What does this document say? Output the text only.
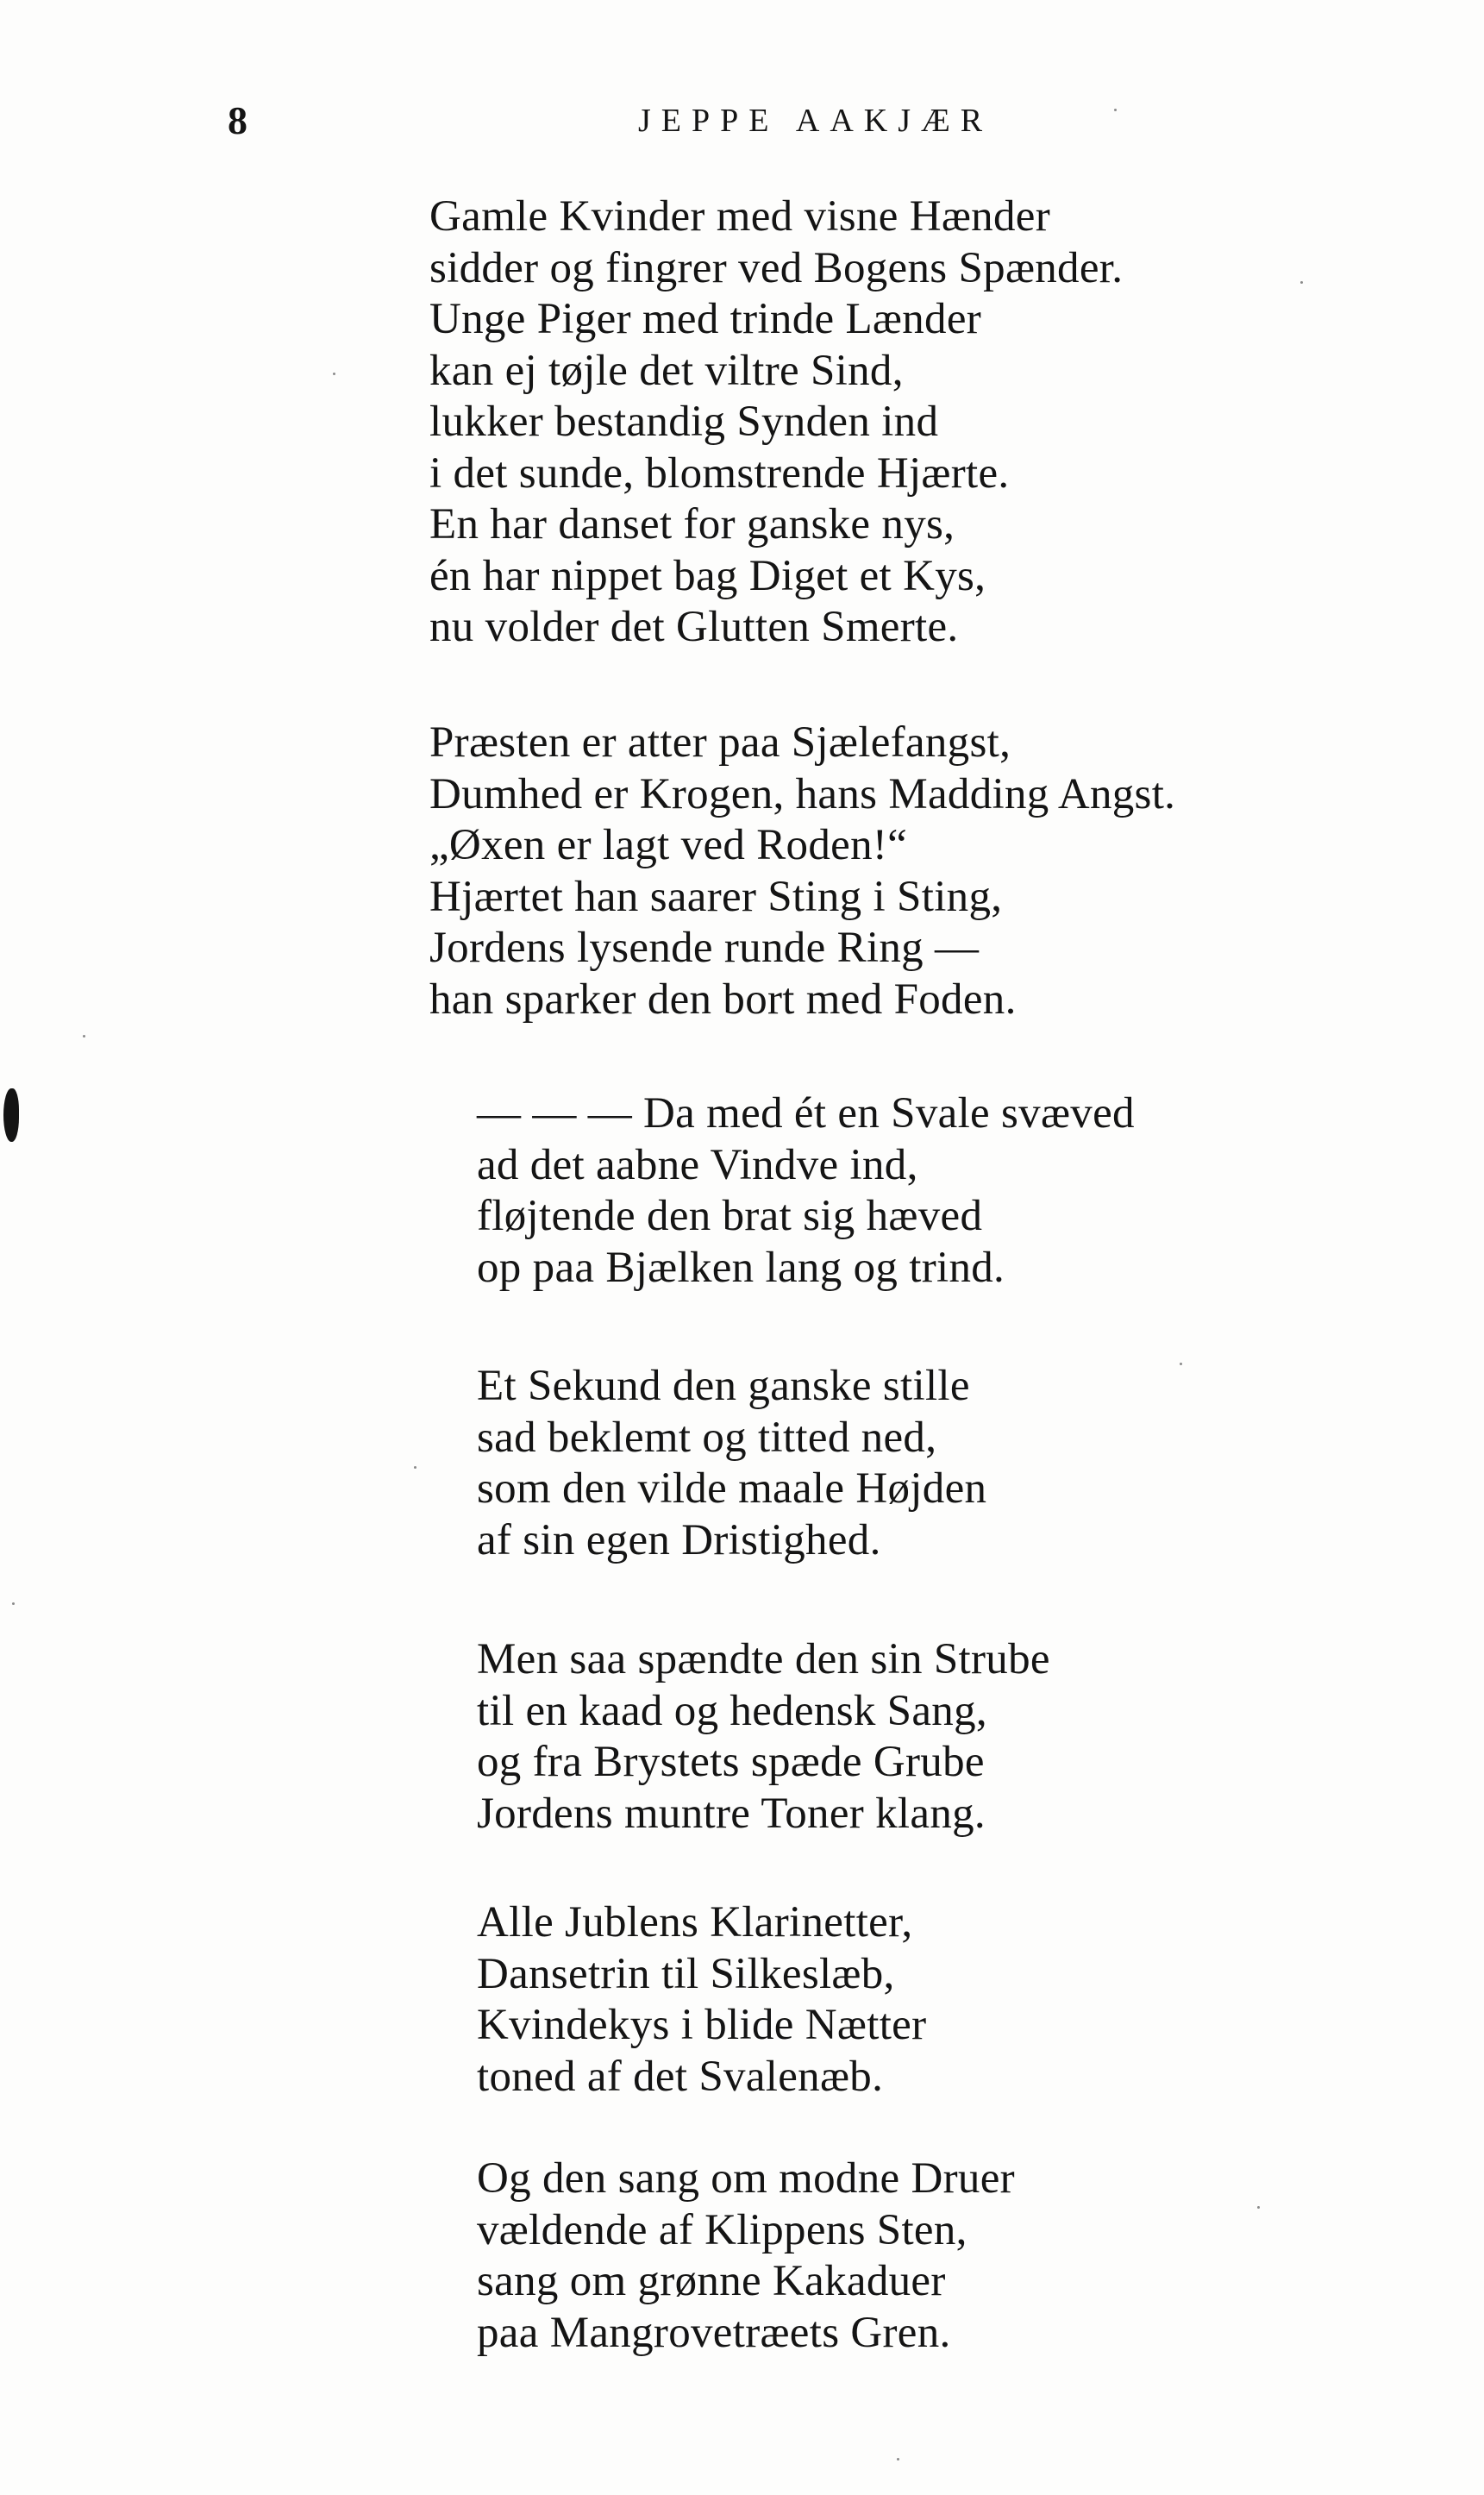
8	JEPPE AAKJÆR
Gamle Kvinder med visne Hænder
sidder og fingrer ved Bogens Spænder.
Unge Piger med trinde Lænder
kan ej tøjle det viltre Sind,
lukker bestandig Synden ind
i det sunde, blomstrende Hjærte.
En har danset for ganske nys,
én har nippet bag Diget et Kys,
nu volder det Glutten Smerte.
Præsten er atter paa Sjælefangst,
Dumhed er Krogen, hans Madding Angst.
„Øxen er lagt ved Roden!“
Hjærtet han saarer Sting i Sting,
Jordens lysende runde Ring —
han sparker den bort med Foden.
— — — Da med ét en Svale svæved
ad det aabne Vindve ind,
fløjtende den brat sig hæved
op paa Bjælken lang og trind.
Et Sekund den ganske stille
sad beklemt og titted ned,
som den vilde maale Højden
af sin egen Dristighed.
Men saa spændte den sin Strube
til en kaad og hedensk Sang,
og fra Brystets spæde Grube
Jordens muntre Toner klang.
Alle Jublens Klarinetter,
Dansetrin til Silkeslæb,
Kvindekys i blide Nætter
toned af det Svalenæb.
Og den sang om modne Druer
vældende af Klippens Sten,
sang om grønne Kakaduer
paa Mangrovetræets Gren.
